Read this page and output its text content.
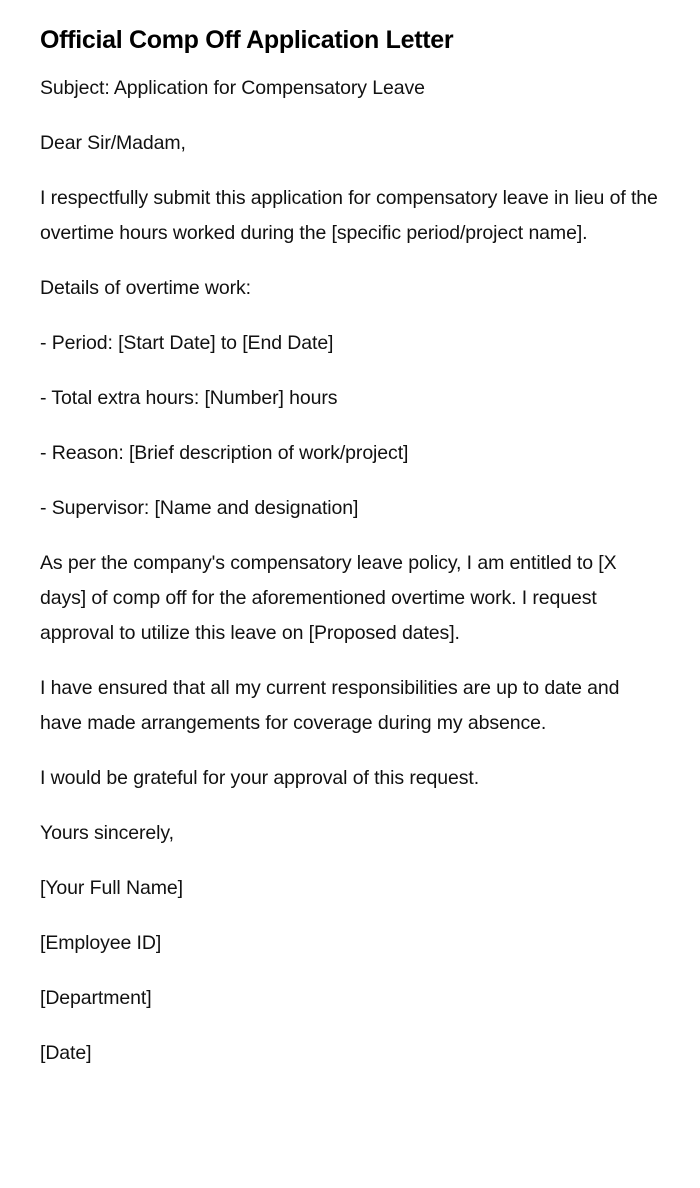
Official Comp Off Application Letter

Subject: Application for Compensatory Leave

Dear Sir/Madam,

I respectfully submit this application for compensatory leave in lieu of the overtime hours worked during the [specific period/project name].

Details of overtime work:

- Period: [Start Date] to [End Date]

- Total extra hours: [Number] hours

- Reason: [Brief description of work/project]

- Supervisor: [Name and designation]

As per the company's compensatory leave policy, I am entitled to [X days] of comp off for the aforementioned overtime work. I request approval to utilize this leave on [Proposed dates].

I have ensured that all my current responsibilities are up to date and have made arrangements for coverage during my absence.

I would be grateful for your approval of this request.

Yours sincerely,

[Your Full Name]

[Employee ID]

[Department]

[Date]
